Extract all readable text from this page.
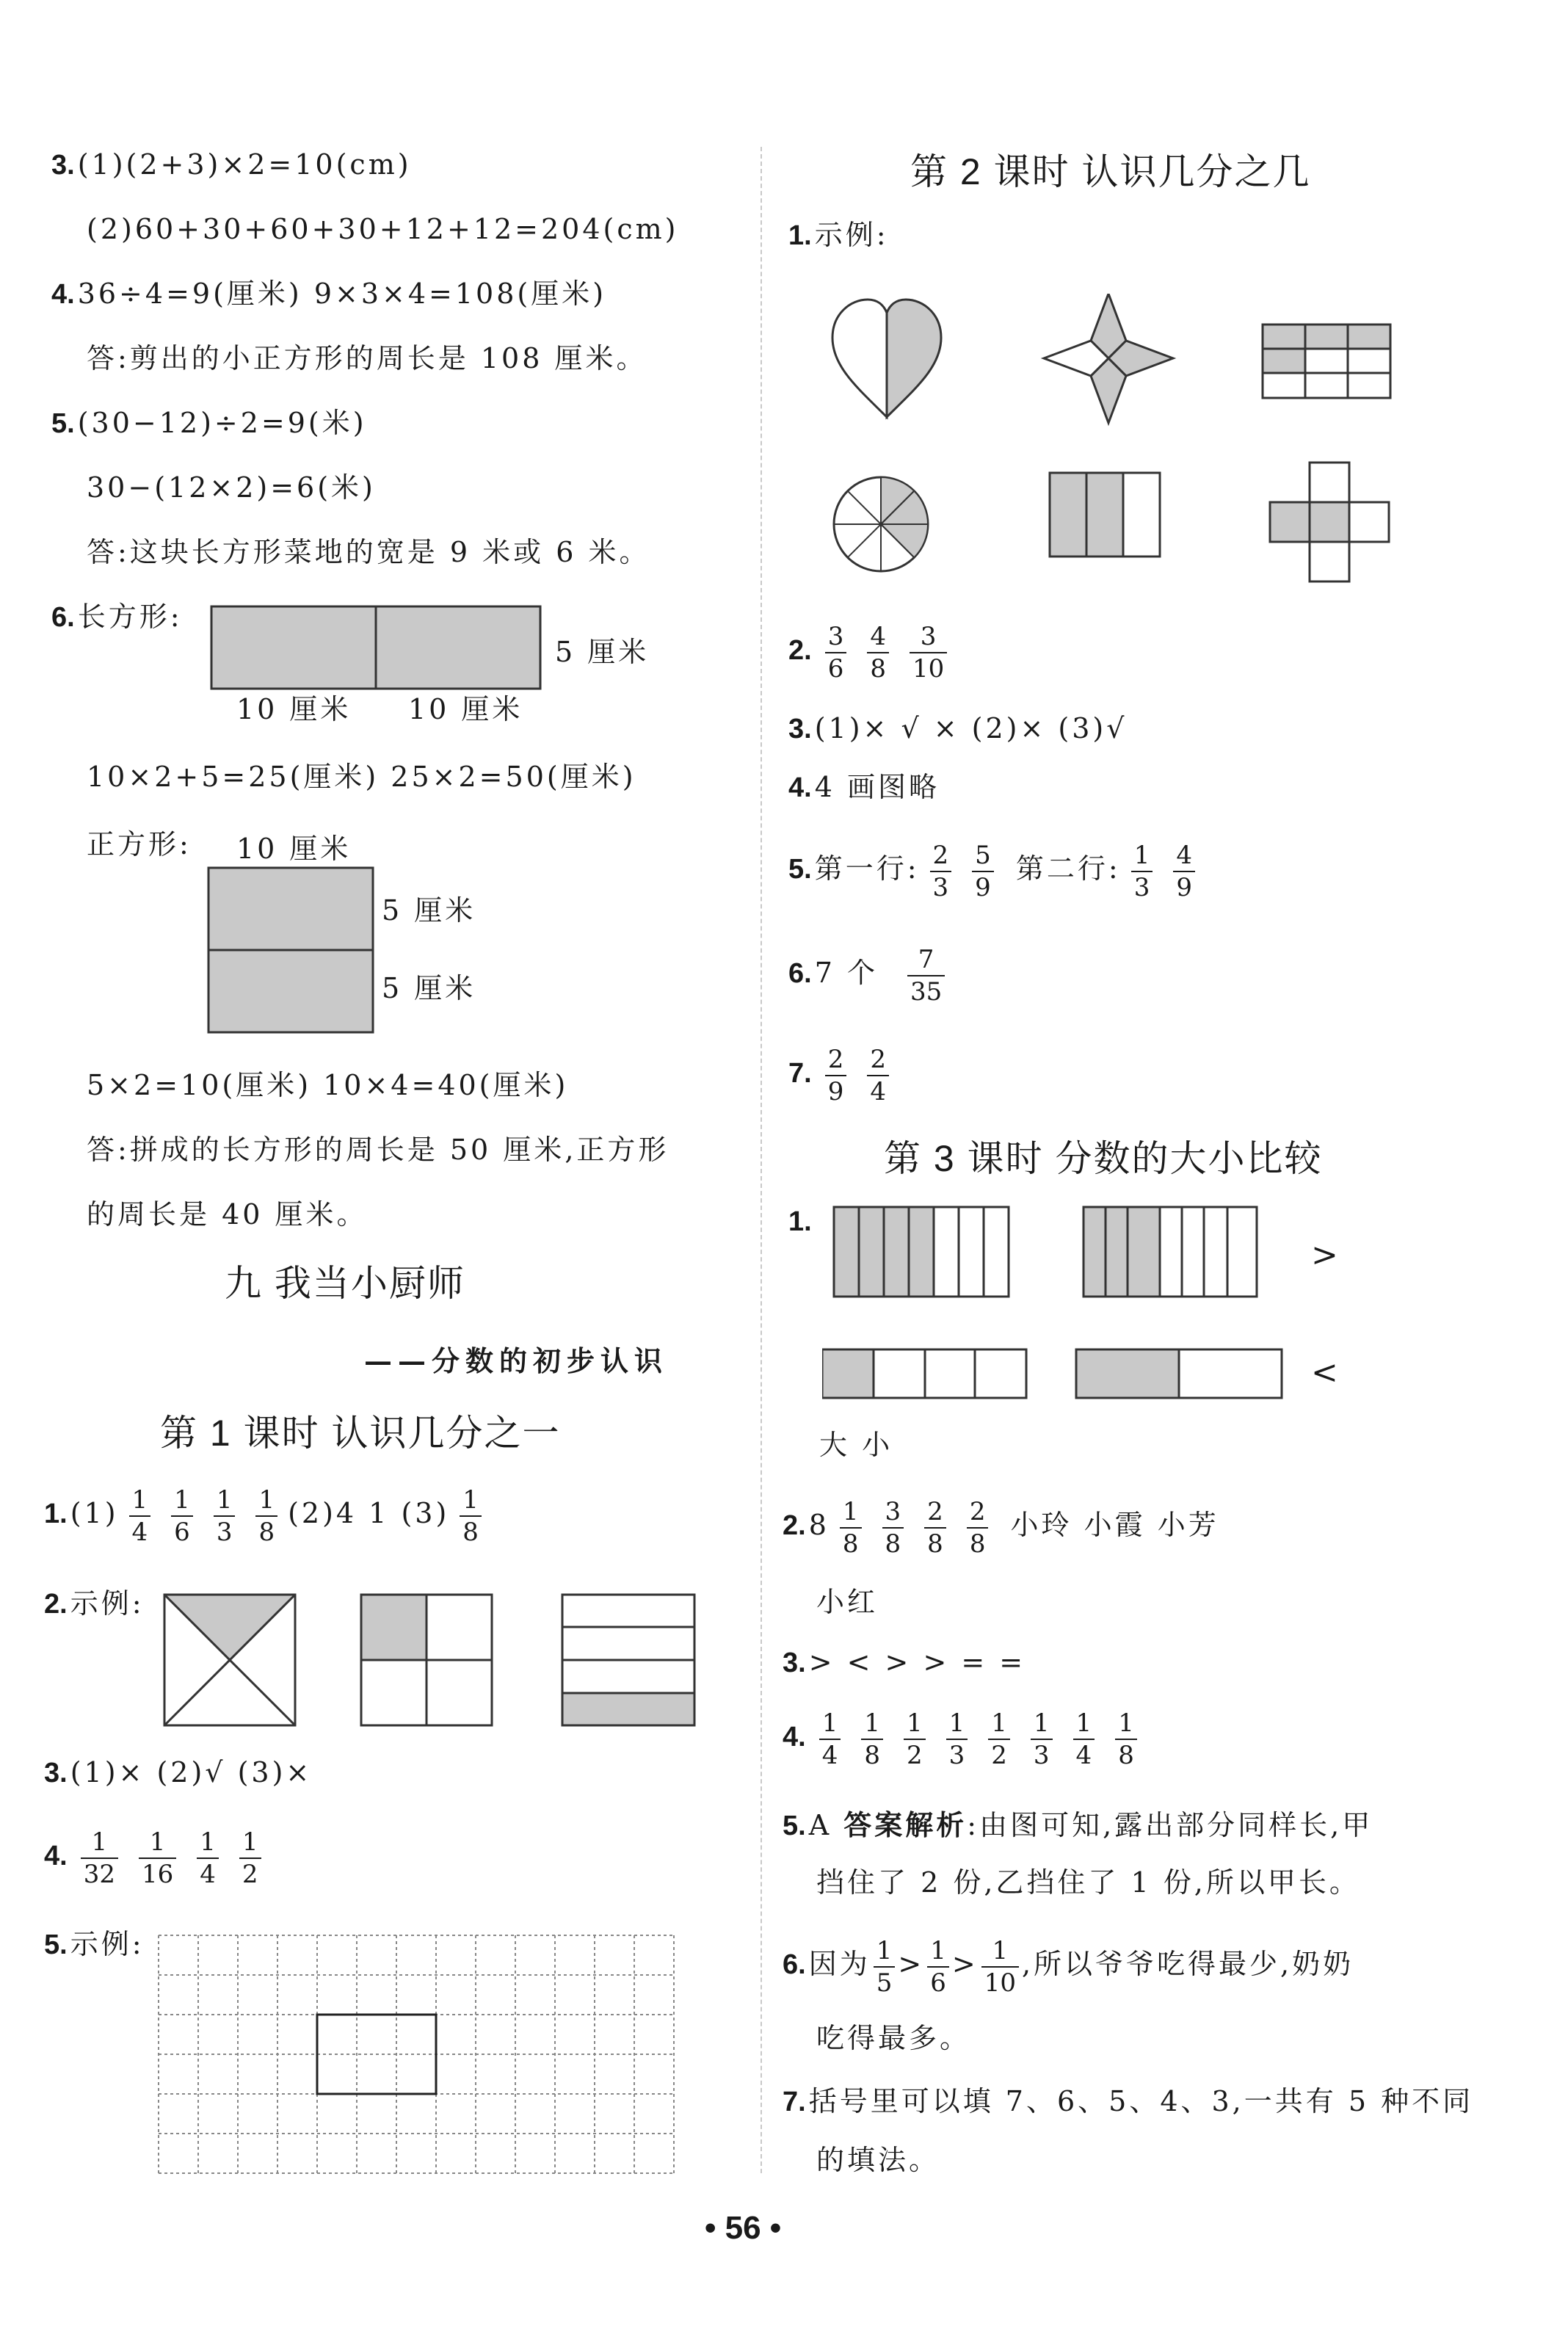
3. (1)(2+3)×2=10(cm)
(2)60+30+60+30+12+12=204(cm)
4. 36÷4=9(厘米) 9×3×4=108(厘米)
答:剪出的小正方形的周长是 108 厘米。
5. (30−12)÷2=9(米)
30−(12×2)=6(米)
答:这块长方形菜地的宽是 9 米或 6 米。
6. 长方形:
5 厘米
10 厘米 10 厘米
10×2+5=25(厘米) 25×2=50(厘米)
正方形: 10 厘米
5 厘米
5 厘米
5×2=10(厘米) 10×4=40(厘米)
答:拼成的长方形的周长是 50 厘米,正方形
的周长是 40 厘米。
九 我当小厨师
——分数的初步认识
第 1 课时 认识几分之一
1. $(1) \frac{1}{4} \frac{1}{6} \frac{1}{3} \frac{1}{8} (2)4$ 1 $(3) \frac{1}{8}$
2. 示例:
3. (1)× (2)√ (3)×
4. $\frac{1}{32} \frac{1}{16} \frac{1}{4} \frac{1}{2}$
5. 示例:
第 2 课时 认识几分之几
1. 示例:
2. $\frac{3}{6} \frac{4}{8} \frac{3}{10}$
3. (1)× √ × (2)× (3)√
4. 4 画图略
5. 第一行: $\frac{2}{3} \frac{5}{9}$ 第二行: $\frac{1}{3} \frac{4}{9}$
6. 7 个 $\frac{7}{35}$
7. $\frac{2}{9} \frac{2}{4}$
第 3 课时 分数的大小比较
1.
>
<
大 小
2. $8 \frac{1}{8} \frac{3}{8} \frac{2}{8} \frac{2}{8}$ 小玲 小霞 小芳
小红
3. > < > > = =
4. $\frac{1}{4} \frac{1}{8} \frac{1}{2} \frac{1}{3} \frac{1}{2} \frac{1}{3} \frac{1}{4} \frac{1}{8}$
5. A 答案解析:由图可知,露出部分同样长,甲
挡住了 2 份,乙挡住了 1 份,所以甲长。
6. 因为 $\frac{1}{5} > \frac{1}{6} > \frac{1}{10}$ ,所以爷爷吃得最少,奶奶
吃得最多。
7. 括号里可以填 7、6、5、4、3,一共有 5 种不同
的填法。
• 56 •
